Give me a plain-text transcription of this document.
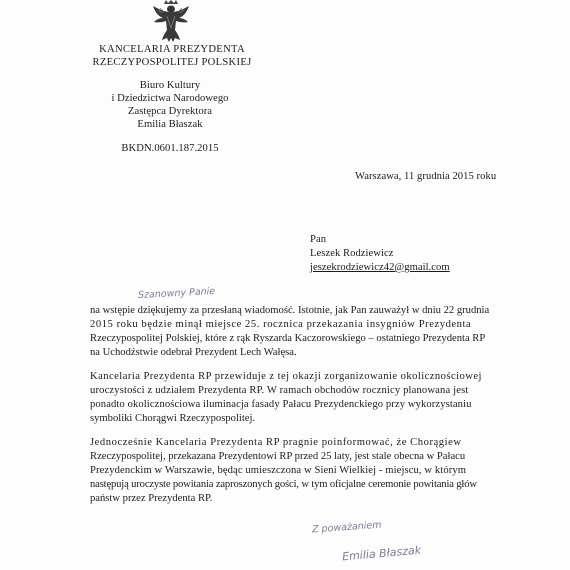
KANCELARIA PREZYDENTA
RZECZYPOSPOLITEJ POLSKIEJ
Biuro Kultury
i Dziedzictwa Narodowego
Zastępca Dyrektora
Emilia Błaszak
BKDN.0601.187.2015
Warszawa, 11 grudnia 2015 roku
Pan
Leszek Rodziewicz
jeszekrodziewicz42@gmail.com
Szanowny Panie
na wstępie dziękujemy za przesłaną wiadomość. Istotnie, jak Pan zauważył w dniu 22 grudnia
2015 roku będzie minął miejsce 25. rocznica przekazania insygniów Prezydenta
Rzeczypospolitej Polskiej, które z rąk Ryszarda Kaczorowskiego – ostatniego Prezydenta RP
na Uchodźstwie odebrał Prezydent Lech Wałęsa.
Kancelaria Prezydenta RP przewiduje z tej okazji zorganizowanie okolicznościowej
uroczystości z udziałem Prezydenta RP. W ramach obchodów rocznicy planowana jest
ponadto okolicznościowa iluminacja fasady Pałacu Prezydenckiego przy wykorzystaniu
symboliki Chorągwi Rzeczypospolitej.
Jednocześnie Kancelaria Prezydenta RP pragnie poinformować, że Chorągiew
Rzeczypospolitej, przekazana Prezydentowi RP przed 25 laty, jest stale obecna w Pałacu
Prezydenckim w Warszawie, będąc umieszczona w Sieni Wielkiej - miejscu, w którym
następują uroczyste powitania zaproszonych gości, w tym oficjalne ceremonie powitania głów
państw przez Prezydenta RP.
Z poważaniem
Emilia Błaszak
